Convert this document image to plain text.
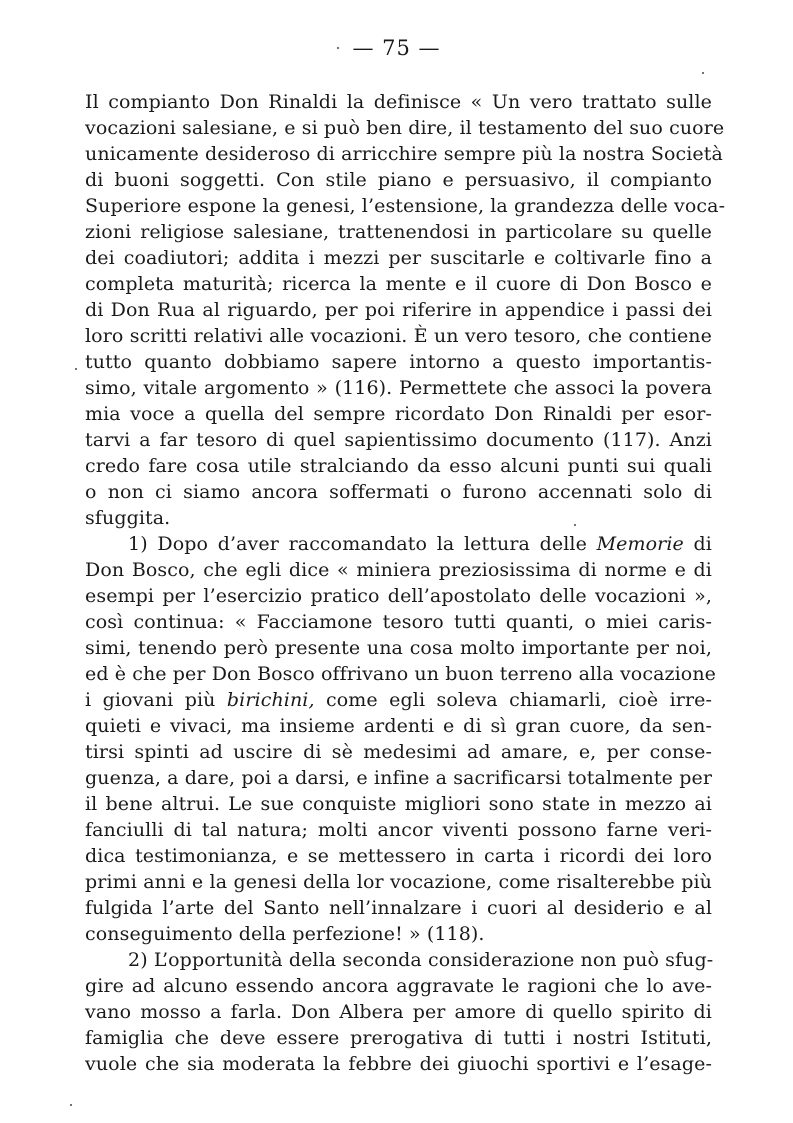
— 75 —
Il compianto Don Rinaldi la definisce « Un vero trattato sulle
vocazioni salesiane, e si può ben dire, il testamento del suo cuore
unicamente desideroso di arricchire sempre più la nostra Società
di buoni soggetti. Con stile piano e persuasivo, il compianto
Superiore espone la genesi, l’estensione, la grandezza delle voca-
zioni religiose salesiane, trattenendosi in particolare su quelle
dei coadiutori; addita i mezzi per suscitarle e coltivarle fino a
completa maturità; ricerca la mente e il cuore di Don Bosco e
di Don Rua al riguardo, per poi riferire in appendice i passi dei
loro scritti relativi alle vocazioni. È un vero tesoro, che contiene
tutto quanto dobbiamo sapere intorno a questo importantis-
simo, vitale argomento » (116). Permettete che associ la povera
mia voce a quella del sempre ricordato Don Rinaldi per esor-
tarvi a far tesoro di quel sapientissimo documento (117). Anzi
credo fare cosa utile stralciando da esso alcuni punti sui quali
o non ci siamo ancora soffermati o furono accennati solo di
sfuggita.
1) Dopo d’aver raccomandato la lettura delle Memorie di
Don Bosco, che egli dice « miniera preziosissima di norme e di
esempi per l’esercizio pratico dell’apostolato delle vocazioni »,
così continua: « Facciamone tesoro tutti quanti, o miei caris-
simi, tenendo però presente una cosa molto importante per noi,
ed è che per Don Bosco offrivano un buon terreno alla vocazione
i giovani più birichini, come egli soleva chiamarli, cioè irre-
quieti e vivaci, ma insieme ardenti e di sì gran cuore, da sen-
tirsi spinti ad uscire di sè medesimi ad amare, e, per conse-
guenza, a dare, poi a darsi, e infine a sacrificarsi totalmente per
il bene altrui. Le sue conquiste migliori sono state in mezzo ai
fanciulli di tal natura; molti ancor viventi possono farne veri-
dica testimonianza, e se mettessero in carta i ricordi dei loro
primi anni e la genesi della lor vocazione, come risalterebbe più
fulgida l’arte del Santo nell’innalzare i cuori al desiderio e al
conseguimento della perfezione! » (118).
2) L’opportunità della seconda considerazione non può sfug-
gire ad alcuno essendo ancora aggravate le ragioni che lo ave-
vano mosso a farla. Don Albera per amore di quello spirito di
famiglia che deve essere prerogativa di tutti i nostri Istituti,
vuole che sia moderata la febbre dei giuochi sportivi e l’esage-
